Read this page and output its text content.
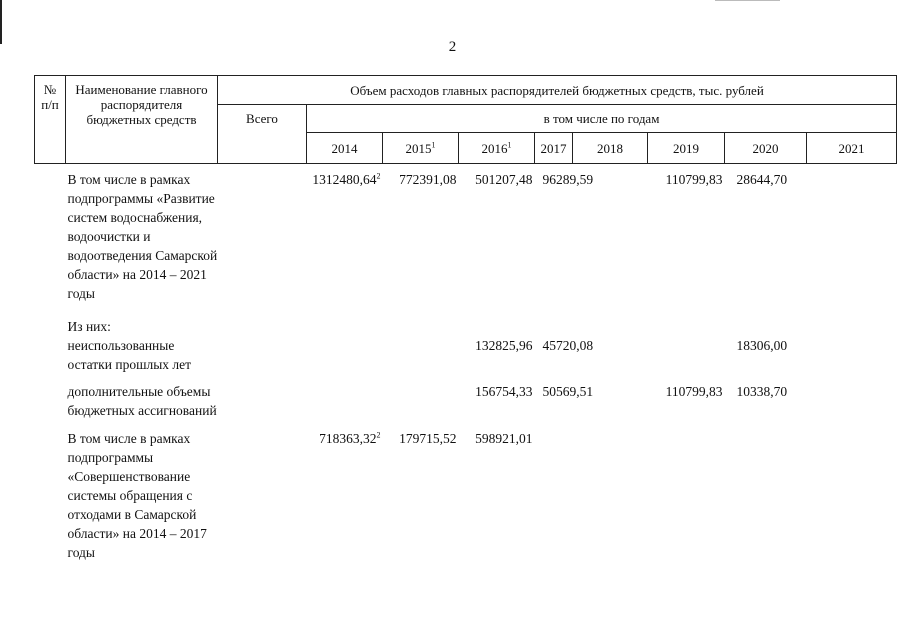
2
№ п/п	Наименование главного распорядителя бюджетных средств	Объем расходов главных распорядителей бюджетных средств, тыс. рублей									
		Всего	в том числе по годам								
			2014	2015$^1$	2016$^1$	2017	2018	2019	2020	2021	

	В том числе в рамках подпрограммы «Развитие систем водоснабжения, водоочистки и водоотведения Самарской области» на 2014 – 2021 годы		1312480,64$^2$	772391,08	501207,48	96289,59		110799,83	28644,70		

	Из них: неиспользованные остатки прошлых лет				132825,96	45720,08			18306,00		

	дополнительные объемы бюджетных ассигнований				156754,33	50569,51		110799,83	10338,70		

	В том числе в рамках подпрограммы «Совершенствование системы обращения с отходами в Самарской области» на 2014 – 2017 годы		718363,32$^2$	179715,52	598921,01						
